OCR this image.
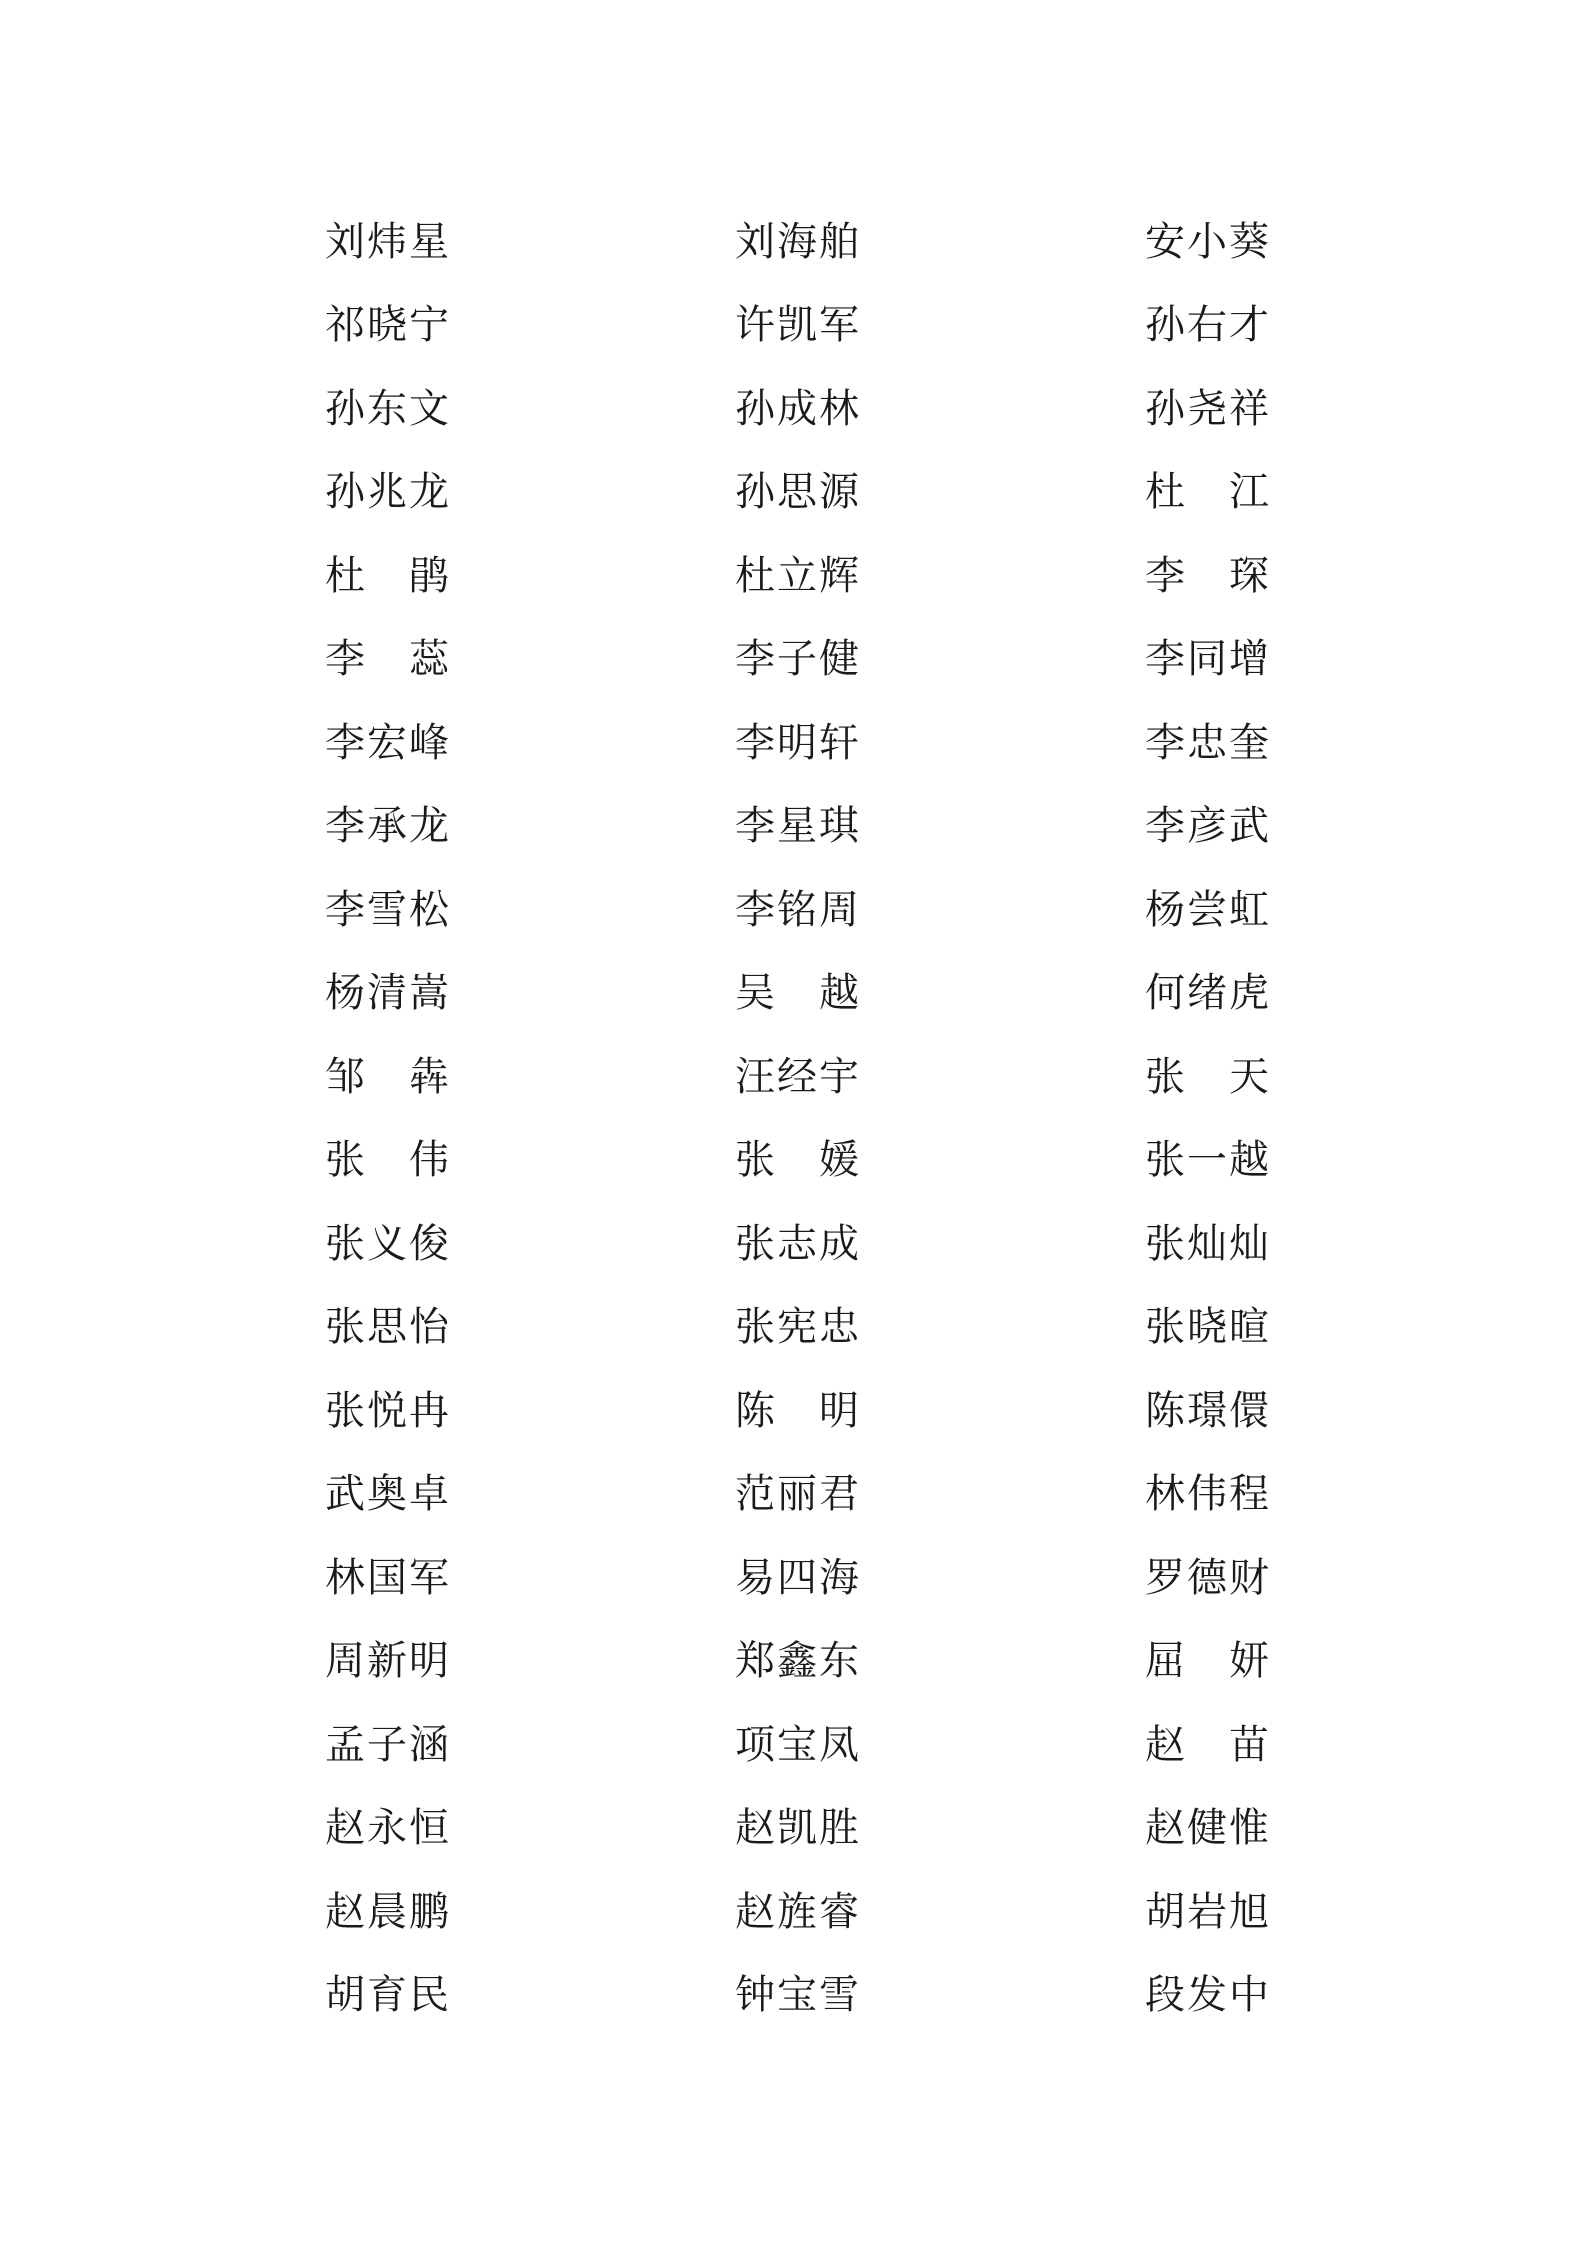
刘炜星	刘海舶	安小葵
祁晓宁	许凯军	孙右才
孙东文	孙成林	孙尧祥
孙兆龙	孙思源	杜　江
杜　鹃	杜立辉	李　琛
李　蕊	李子健	李同增
李宏峰	李明轩	李忠奎
李承龙	李星琪	李彦武
李雪松	李铭周	杨尝虹
杨清嵩	吴　越	何绪虎
邹　犇	汪经宇	张　天
张　伟	张　媛	张一越
张义俊	张志成	张灿灿
张思怡	张宪忠	张晓暄
张悦冉	陈　明	陈璟儇
武奥卓	范丽君	林伟程
林国军	易四海	罗德财
周新明	郑鑫东	屈　妍
孟子涵	项宝凤	赵　苗
赵永恒	赵凯胜	赵健惟
赵晨鹏	赵旌睿	胡岩旭
胡育民	钟宝雪	段发中
